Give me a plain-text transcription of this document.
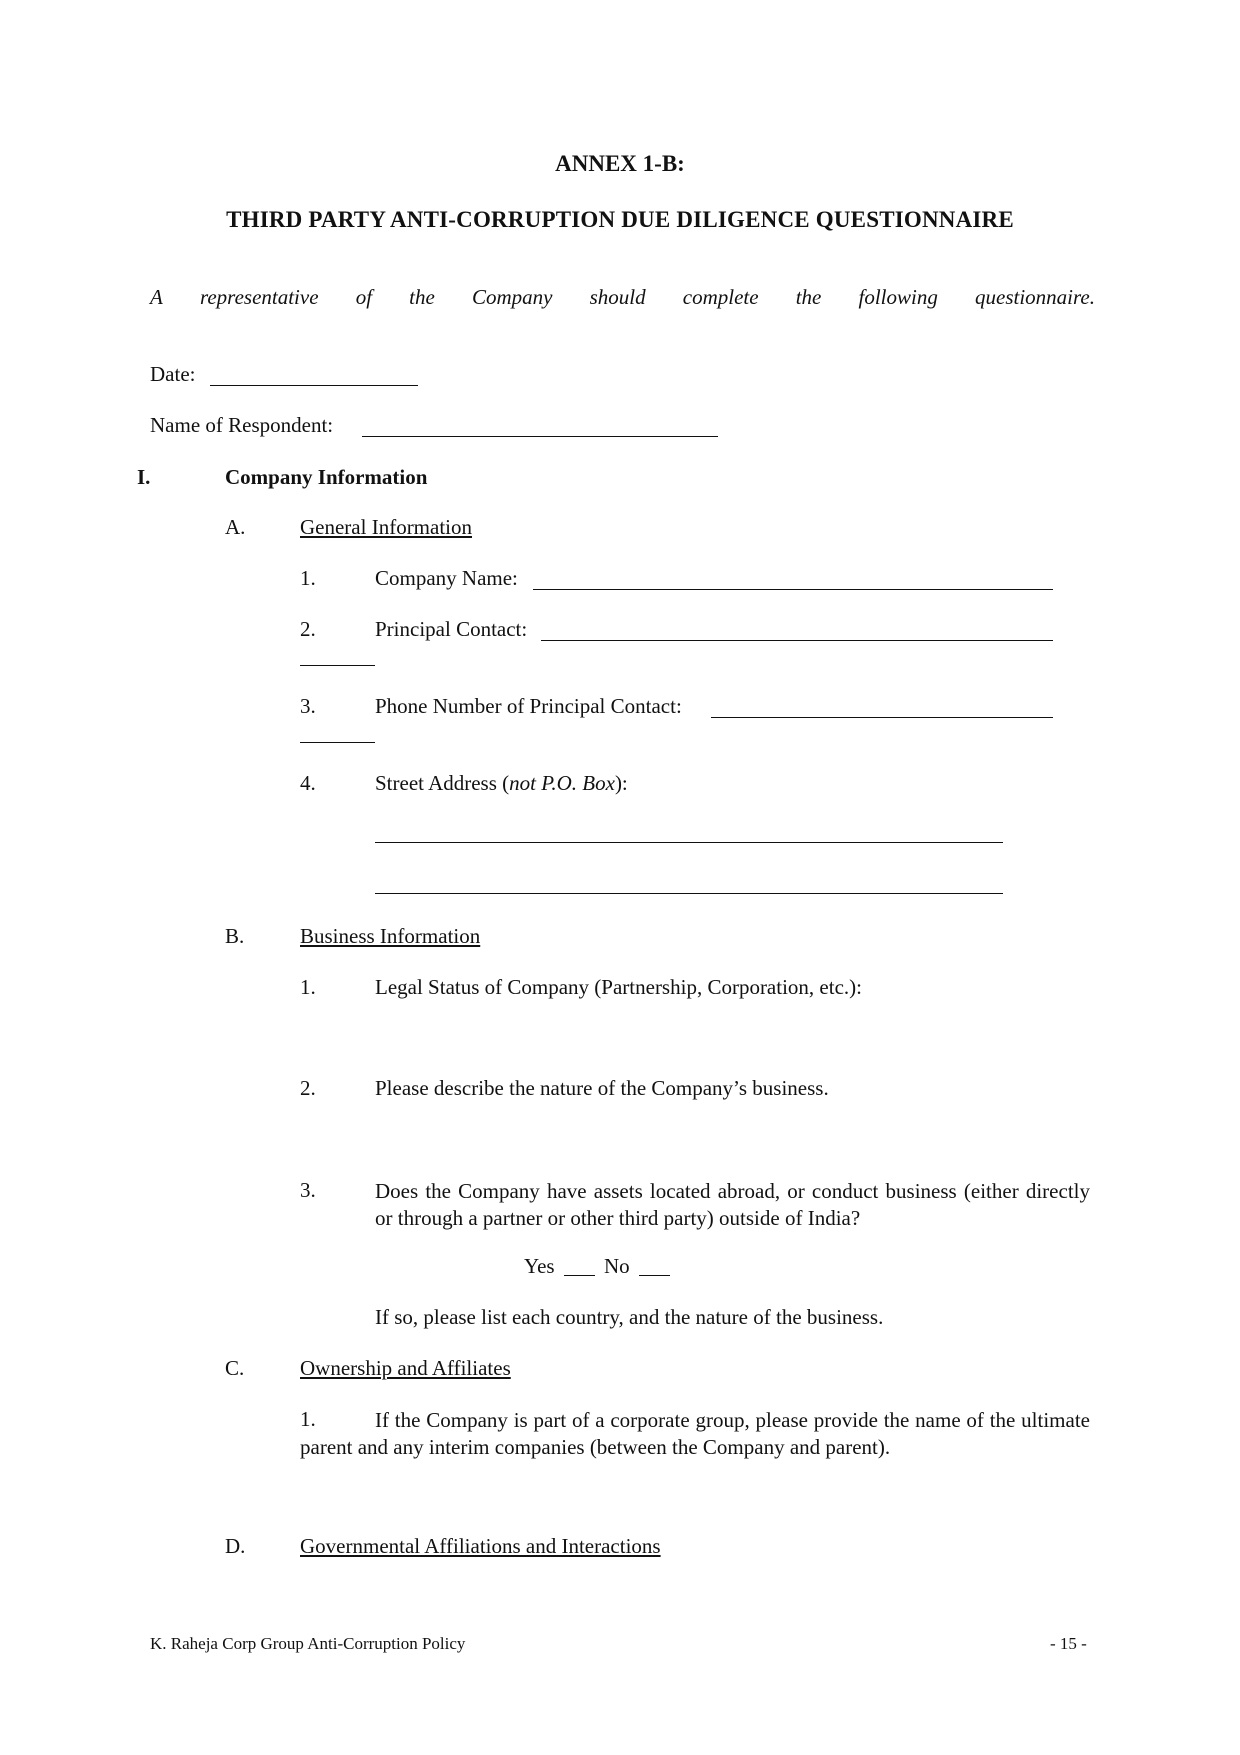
ANNEX 1-B:
THIRD PARTY ANTI-CORRUPTION DUE DILIGENCE QUESTIONNAIRE
A representative of the Company should complete the following questionnaire.
Date:
Name of Respondent:
I.	Company Information
A.	General Information
1.	Company Name:
2.	Principal Contact:
3.	Phone Number of Principal Contact:
4.	Street Address (not P.O. Box):
B.	Business Information
1.	Legal Status of Company (Partnership, Corporation, etc.):
2.	Please describe the nature of the Company’s business.
3.	Does the Company have assets located abroad, or conduct business (either directly or through a partner or other third party) outside of India?
Yes No
If so, please list each country, and the nature of the business.
C.	Ownership and Affiliates
1.	If the Company is part of a corporate group, please provide the name of the ultimate parent and any interim companies (between the Company and parent).
D.	Governmental Affiliations and Interactions
K. Raheja Corp Group Anti-Corruption Policy	- 15 -
